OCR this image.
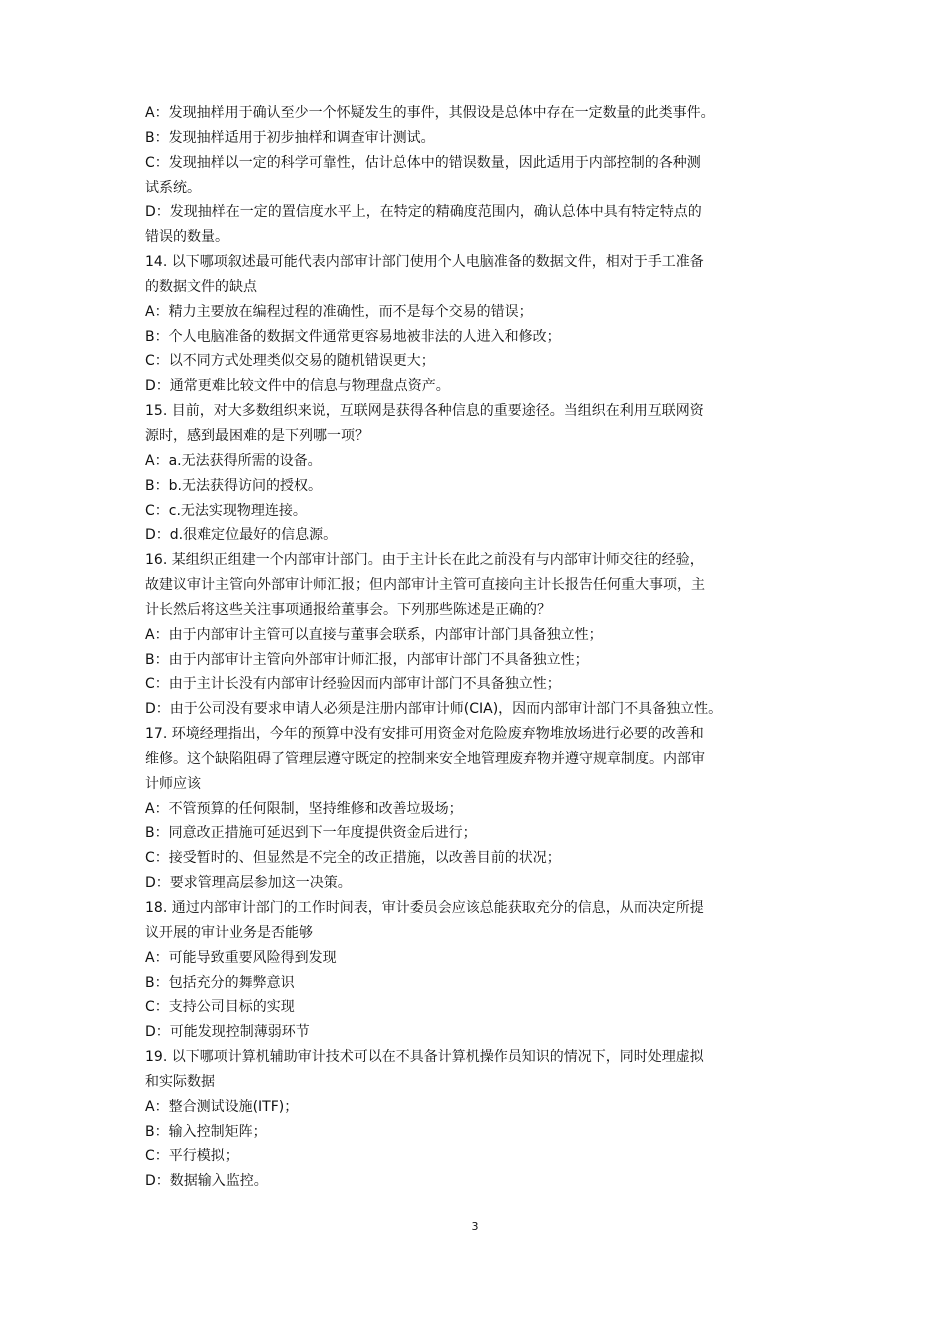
A：发现抽样用于确认至少一个怀疑发生的事件，其假设是总体中存在一定数量的此类事件。
B：发现抽样适用于初步抽样和调查审计测试。
C：发现抽样以一定的科学可靠性，估计总体中的错误数量，因此适用于内部控制的各种测
试系统。
D：发现抽样在一定的置信度水平上，在特定的精确度范围内，确认总体中具有特定特点的
错误的数量。
14. 以下哪项叙述最可能代表内部审计部门使用个人电脑准备的数据文件，相对于手工准备
的数据文件的缺点
A：精力主要放在编程过程的准确性，而不是每个交易的错误；
B：个人电脑准备的数据文件通常更容易地被非法的人进入和修改；
C：以不同方式处理类似交易的随机错误更大；
D：通常更难比较文件中的信息与物理盘点资产。
15. 目前，对大多数组织来说，互联网是获得各种信息的重要途径。当组织在利用互联网资
源时，感到最困难的是下列哪一项？
A：a.无法获得所需的设备。
B：b.无法获得访问的授权。
C：c.无法实现物理连接。
D：d.很难定位最好的信息源。
16. 某组织正组建一个内部审计部门。由于主计长在此之前没有与内部审计师交往的经验，
故建议审计主管向外部审计师汇报；但内部审计主管可直接向主计长报告任何重大事项，主
计长然后将这些关注事项通报给董事会。下列那些陈述是正确的？
A：由于内部审计主管可以直接与董事会联系，内部审计部门具备独立性；
B：由于内部审计主管向外部审计师汇报，内部审计部门不具备独立性；
C：由于主计长没有内部审计经验因而内部审计部门不具备独立性；
D：由于公司没有要求申请人必须是注册内部审计师(CIA)，因而内部审计部门不具备独立性。
17. 环境经理指出，今年的预算中没有安排可用资金对危险废弃物堆放场进行必要的改善和
维修。这个缺陷阻碍了管理层遵守既定的控制来安全地管理废弃物并遵守规章制度。内部审
计师应该
A：不管预算的任何限制，坚持维修和改善垃圾场；
B：同意改正措施可延迟到下一年度提供资金后进行；
C：接受暂时的、但显然是不完全的改正措施，以改善目前的状况；
D：要求管理高层参加这一决策。
18. 通过内部审计部门的工作时间表，审计委员会应该总能获取充分的信息，从而决定所提
议开展的审计业务是否能够
A：可能导致重要风险得到发现
B：包括充分的舞弊意识
C：支持公司目标的实现
D：可能发现控制薄弱环节
19. 以下哪项计算机辅助审计技术可以在不具备计算机操作员知识的情况下，同时处理虚拟
和实际数据
A：整合测试设施(ITF)；
B：输入控制矩阵；
C：平行模拟；
D：数据输入监控。
3
